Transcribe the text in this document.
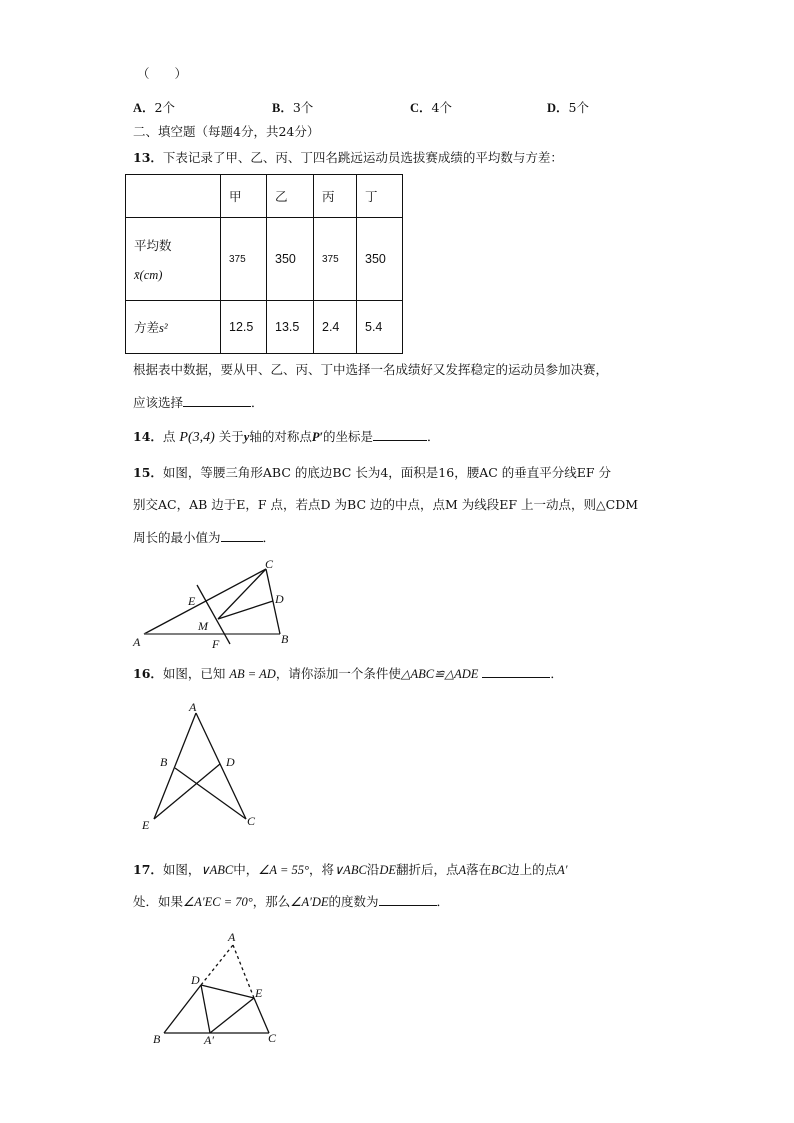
（　　）
A．2个	B．3个	C．4个	D．5个
二、填空题（每题4分，共24分）
13．下表记录了甲、乙、丙、丁四名跳远运动员选拔赛成绩的平均数与方差：
	甲	乙	丙	丁

平均数
x̄(cm)	375	350	375	350
方差s²	12.5	13.5	2.4	5.4
根据表中数据，要从甲、乙、丙、丁中选择一名成绩好又发挥稳定的运动员参加决赛，
应该选择	．
14．点 P(3,4) 关于y轴的对称点P′的坐标是	．
15．如图，等腰三角形ABC 的底边BC 长为4，面积是16，腰AC 的垂直平分线EF 分
别交AC，AB 边于E，F 点，若点D 为BC 边的中点，点M 为线段EF 上一动点，则△CDM
周长的最小值为	．
C
D
E
M
A	B
F
16．如图，已知 AB = AD，请你添加一个条件使△ABC≌△ADE	．
A
B	D
E	C
17．如图，∨ABC中，∠A = 55°，将∨ABC沿DE翻折后，点A落在BC边上的点A′
处．如果∠A′EC = 70°，那么∠A′DE的度数为	．
A
D
E
B	A′	C
